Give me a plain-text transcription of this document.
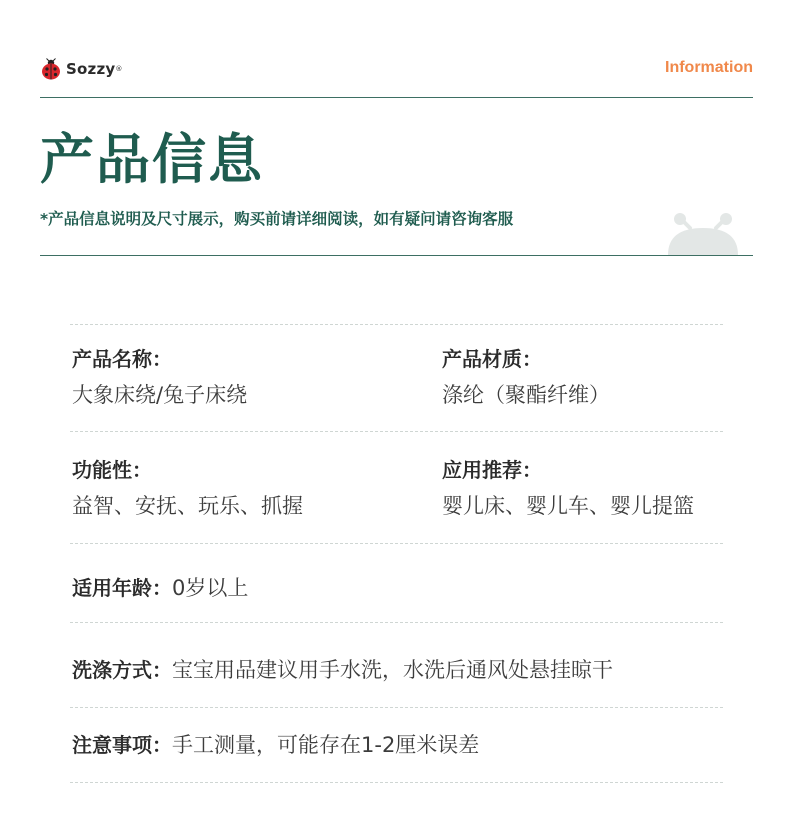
Sozzy ®	Information
产品信息
*产品信息说明及尺寸展示，购买前请详细阅读，如有疑问请咨询客服
产品名称：
大象床绕/兔子床绕
产品材质：
涤纶（聚酯纤维）
功能性：
益智、安抚、玩乐、抓握
应用推荐：
婴儿床、婴儿车、婴儿提篮
适用年龄：0岁以上
洗涤方式：宝宝用品建议用手水洗，水洗后通风处悬挂晾干
注意事项：手工测量，可能存在1-2厘米误差
